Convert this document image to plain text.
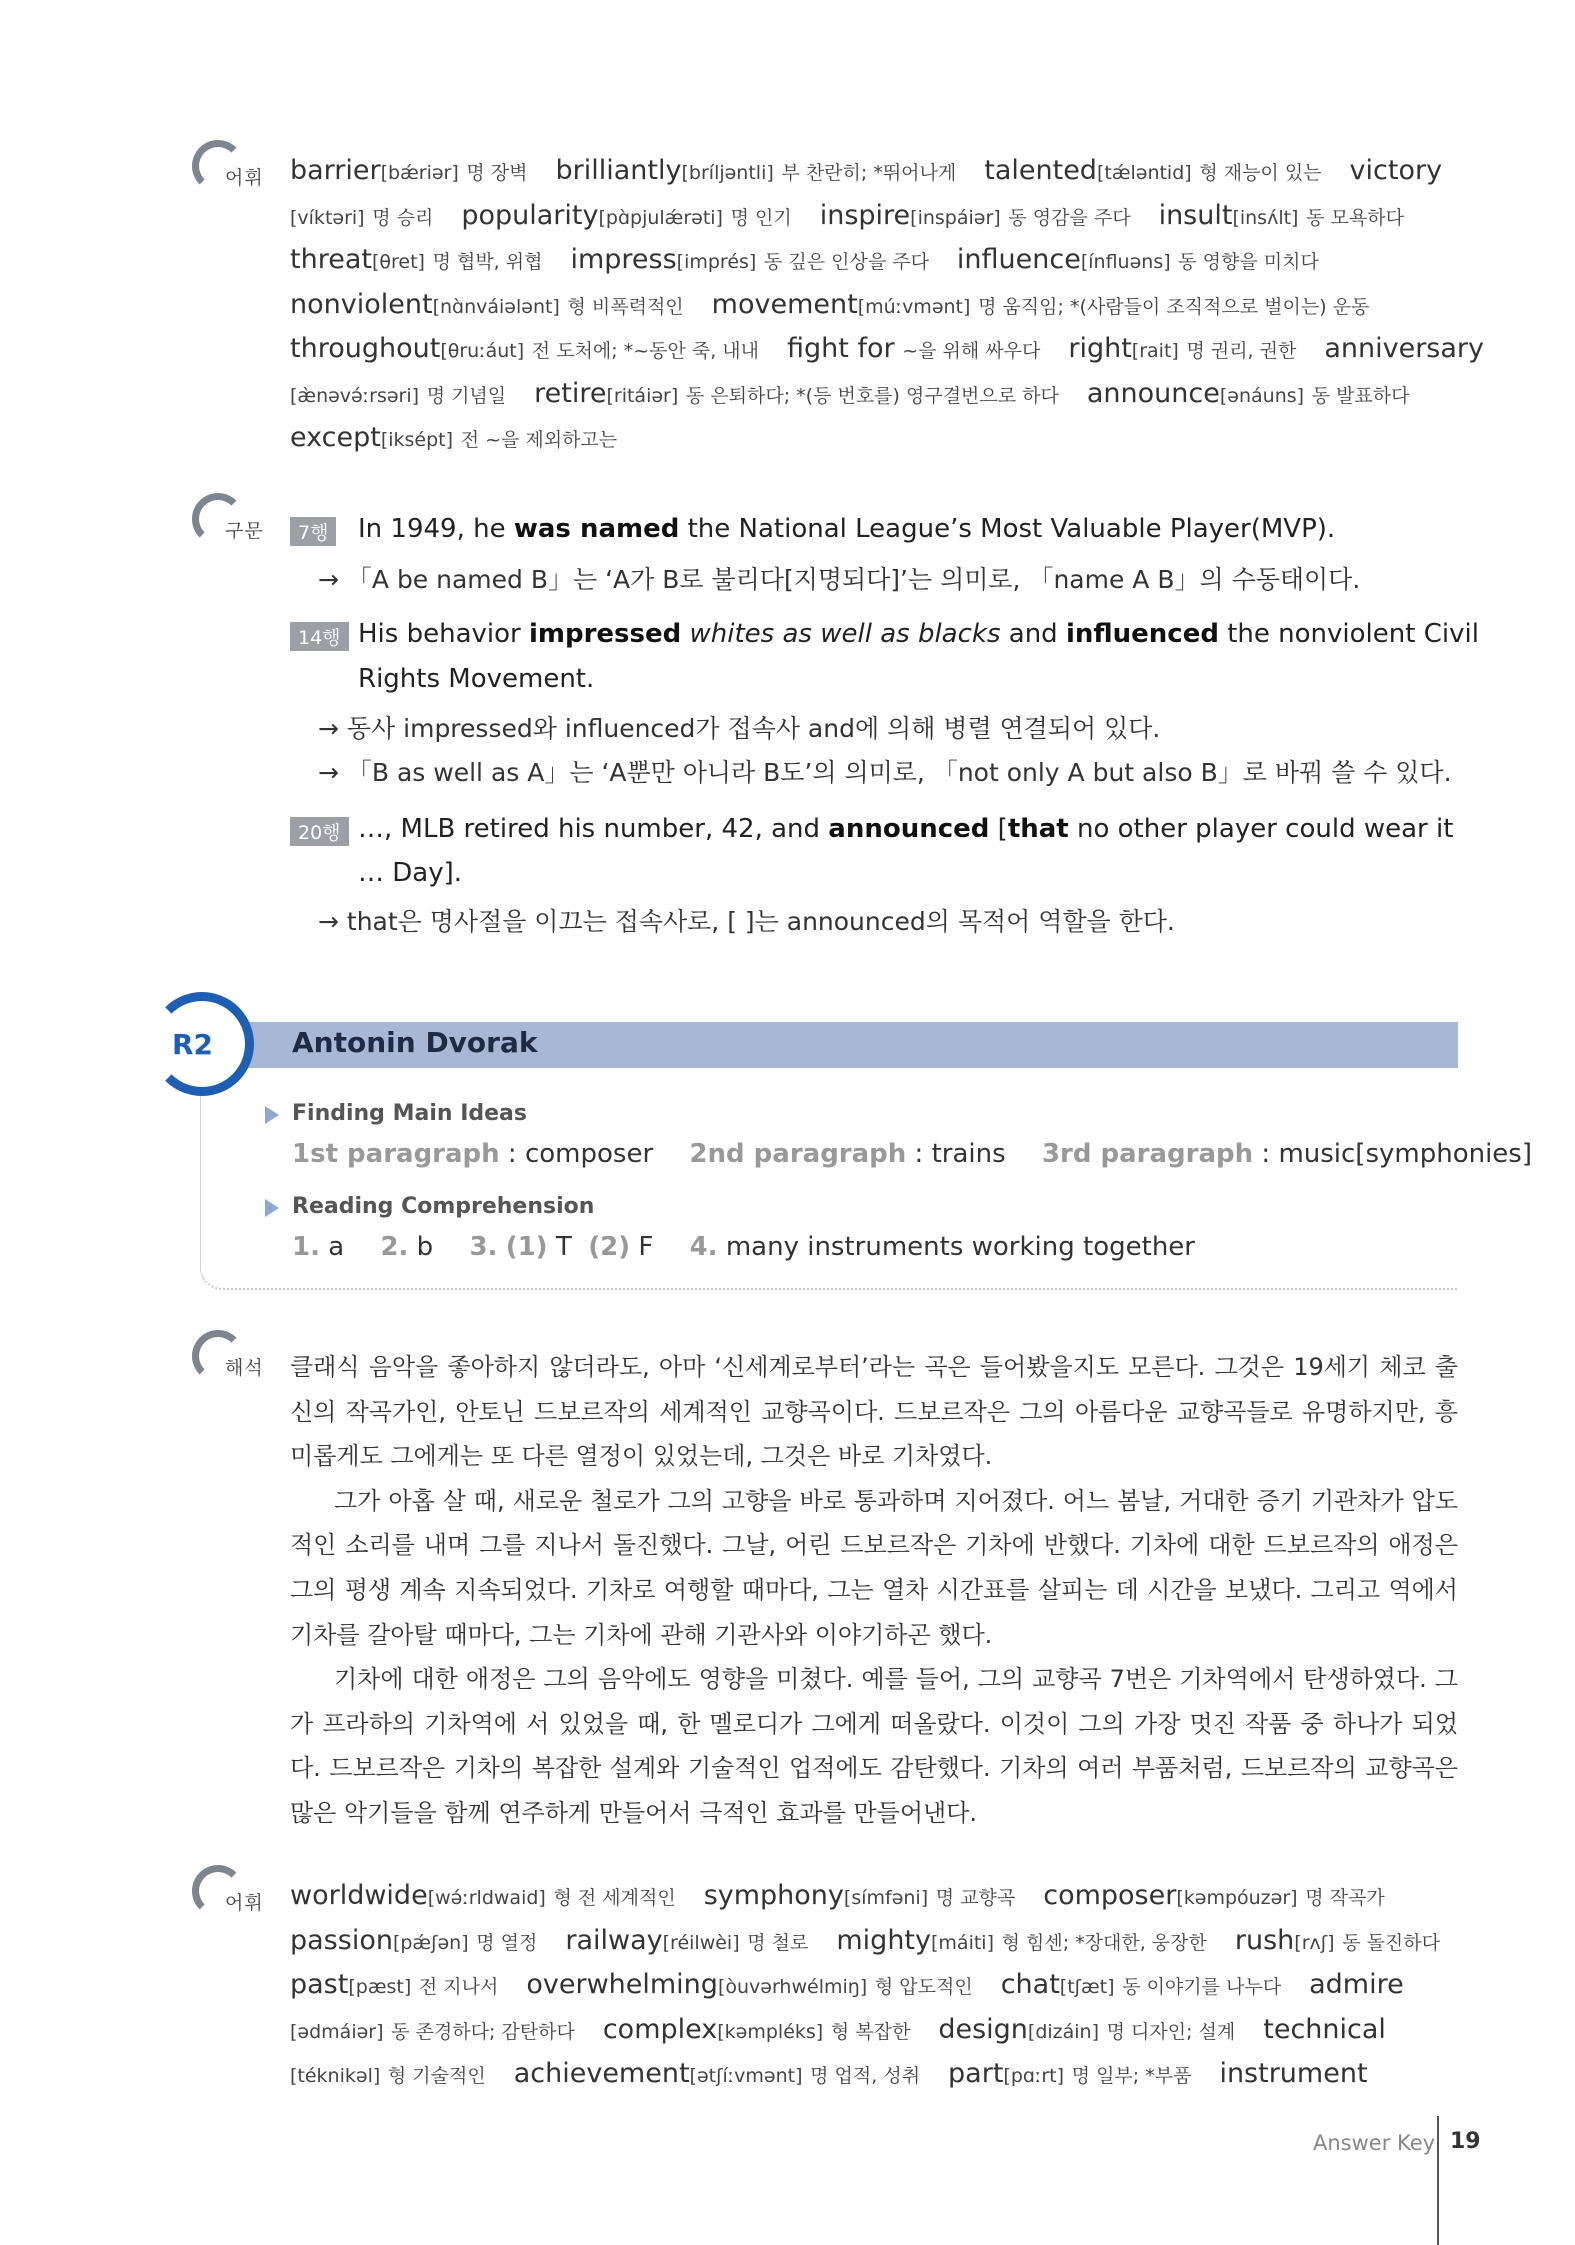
어휘 barrier[bǽriər] 명 장벽 brilliantly[bríljəntli] 부 찬란히; *뛰어나게 talented[tǽləntid] 형 재능이 있는 victory
[víktəri] 명 승리 popularity[pɑ̀pjulǽrəti] 명 인기 inspire[inspáiər] 동 영감을 주다 insult[insʌ́lt] 동 모욕하다
threat[θret] 명 협박, 위협 impress[imprés] 동 깊은 인상을 주다 influence[ínfluəns] 동 영향을 미치다
nonviolent[nɑ̀nváiələnt] 형 비폭력적인 movement[múːvmənt] 명 움직임; *(사람들이 조직적으로 벌이는) 운동
throughout[θruːáut] 전 도처에; *~동안 죽, 내내 fight for ~을 위해 싸우다 right[rait] 명 권리, 권한 anniversary
[æ̀nəvə́ːrsəri] 명 기념일 retire[ritáiər] 동 은퇴하다; *(등 번호를) 영구결번으로 하다 announce[ənáuns] 동 발표하다
except[iksépt] 전 ~을 제외하고는
구문	7행	In 1949, he was named the National League’s Most Valuable Player(MVP).
→ 「A be named B」는 ‘A가 B로 불리다[지명되다]’는 의미로, 「name A B」의 수동태이다.
14행 His behavior impressed whites as well as blacks and influenced the nonviolent Civil
Rights Movement.
→ 동사 impressed와 influenced가 접속사 and에 의해 병렬 연결되어 있다.
→ 「B as well as A」는 ‘A뿐만 아니라 B도’의 의미로, 「not only A but also B」로 바꿔 쓸 수 있다.
20행 …, MLB retired his number, 42, and announced [that no other player could wear it
… Day].
→ that은 명사절을 이끄는 접속사로, [ ]는 announced의 목적어 역할을 한다.
R2	Antonin Dvorak
Finding Main Ideas
1st paragraph : composer 2nd paragraph : trains 3rd paragraph : music[symphonies]
Reading Comprehension
1. a 2. b 3. (1) T (2) F 4. many instruments working together
해석 클래식 음악을 좋아하지 않더라도, 아마 ‘신세계로부터’라는 곡은 들어봤을지도 모른다. 그것은 19세기 체코 출신의 작곡가인, 안토닌 드보르작의 세계적인 교향곡이다. 드보르작은 그의 아름다운 교향곡들로 유명하지만, 흥미롭게도 그에게는 또 다른 열정이 있었는데, 그것은 바로 기차였다.

그가 아홉 살 때, 새로운 철로가 그의 고향을 바로 통과하며 지어졌다. 어느 봄날, 거대한 증기 기관차가 압도적인 소리를 내며 그를 지나서 돌진했다. 그날, 어린 드보르작은 기차에 반했다. 기차에 대한 드보르작의 애정은 그의 평생 계속 지속되었다. 기차로 여행할 때마다, 그는 열차 시간표를 살피는 데 시간을 보냈다. 그리고 역에서 기차를 갈아탈 때마다, 그는 기차에 관해 기관사와 이야기하곤 했다.

기차에 대한 애정은 그의 음악에도 영향을 미쳤다. 예를 들어, 그의 교향곡 7번은 기차역에서 탄생하였다. 그가 프라하의 기차역에 서 있었을 때, 한 멜로디가 그에게 떠올랐다. 이것이 그의 가장 멋진 작품 중 하나가 되었다. 드보르작은 기차의 복잡한 설계와 기술적인 업적에도 감탄했다. 기차의 여러 부품처럼, 드보르작의 교향곡은 많은 악기들을 함께 연주하게 만들어서 극적인 효과를 만들어낸다.

어휘 worldwide[wə́ːrldwaid] 형 전 세계적인 symphony[símfəni] 명 교향곡 composer[kəmpóuzər] 명 작곡가
passion[pǽʃən] 명 열정 railway[réilwèi] 명 철로 mighty[máiti] 형 힘센; *장대한, 웅장한 rush[rʌʃ] 동 돌진하다
past[pæst] 전 지나서 overwhelming[òuvərhwélmiŋ] 형 압도적인 chat[tʃæt] 동 이야기를 나누다 admire
[ədmáiər] 동 존경하다; 감탄하다 complex[kəmpléks] 형 복잡한 design[dizáin] 명 디자인; 설계 technical
[téknikəl] 형 기술적인 achievement[ətʃíːvmənt] 명 업적, 성취 part[pɑːrt] 명 일부; *부품 instrument
Answer Key 19
